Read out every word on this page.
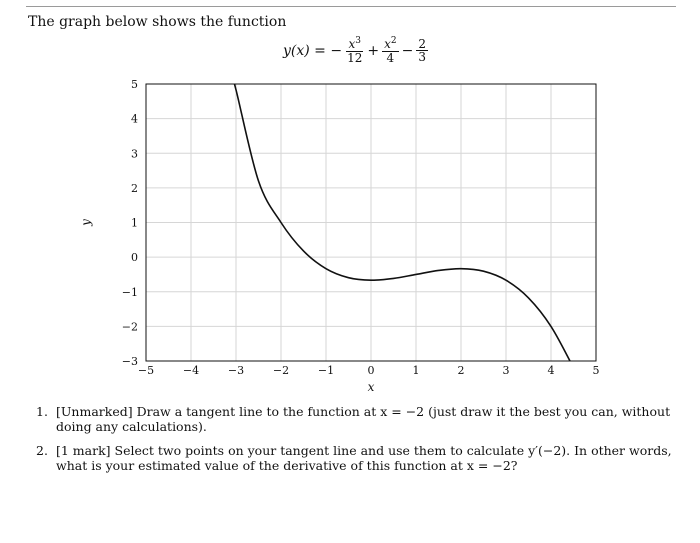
The graph below shows the function
y(x) = − $\frac{x^3}{12} + \frac{x^2}{4} - \frac{2}{3}$
−5	−4	−3	−2	−1	0	1	2	3	4	5
−3
−2
−1
0
1
2
3
4
5
x
y
1. [Unmarked] Draw a tangent line to the function at x = −2 (just draw it the best you can, without doing any calculations).
2. [1 mark] Select two points on your tangent line and use them to calculate y′(−2). In other words, what is your estimated value of the derivative of this function at x = −2?
